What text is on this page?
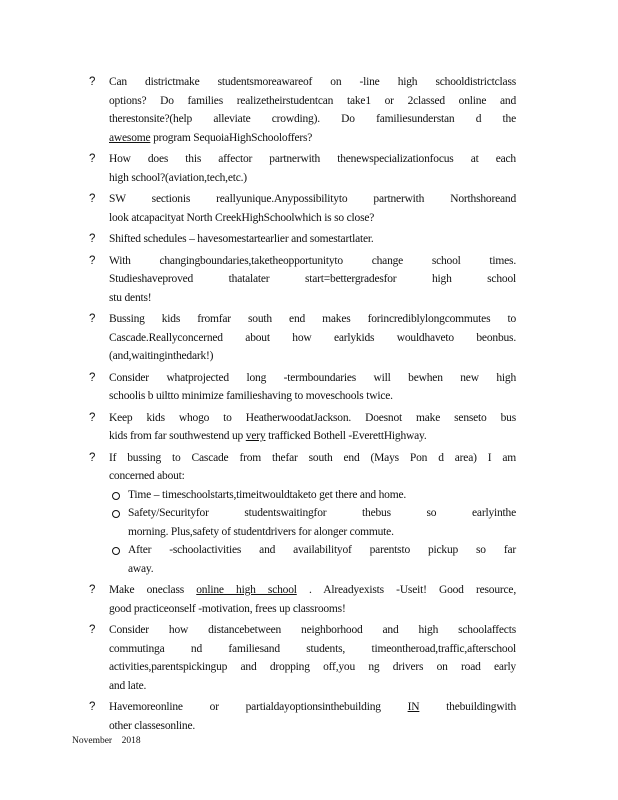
? Can districtmake studentsmoreawareof on -line high schooldistrictclass
options? Do families realizetheirstudentcan take1 or 2classed online and
therestonsite?(help alleviate crowding). Do familiesunderstan d the
awesome program SequoiaHighSchooloffers?
? How does this affector partnerwith thenewspecializationfocus at each
high school?(aviation,tech,etc.)
? SW sectionis reallyunique.Anypossibilityto partnerwith Northshoreand
look atcapacityat North CreekHighSchoolwhich is so close?
? Shifted schedules – havesomestartearlier and somestartlater.
? With changingboundaries,taketheopportunityto change school times.
Studieshaveproved thatalater start=bettergradesfor high school
stu dents!
? Bussing kids fromfar south end makes forincrediblylongcommutes to
Cascade.Reallyconcerned about how earlykids wouldhaveto beonbus.
(and,waitinginthedark!)
? Consider whatprojected long -termboundaries will bewhen new high
schoolis b uiltto minimize familieshaving to moveschools twice.
? Keep kids whogo to HeatherwoodatJackson. Doesnot make senseto bus
kids from far southwestend up very trafficked Bothell -EverettHighway.
? If bussing to Cascade from thefar south end (Mays Pon d area) I am
concerned about:
Time – timeschoolstarts,timeitwouldtaketo get there and home.
Safety/Securityfor studentswaitingfor thebus so earlyinthe
morning. Plus,safety of studentdrivers for alonger commute.
After -schoolactivities and availabilityof parentsto pickup so far
away.
? Make oneclass online high school . Alreadyexists -Useit! Good resource,
good practiceonself -motivation, frees up classrooms!
? Consider how distancebetween neighborhood and high schoolaffects
commutinga nd familiesand students, timeontheroad,traffic,afterschool
activities,parentspickingup and dropping off,you ng drivers on road early
and late.
? Havemoreonline or partialdayoptionsinthebuilding IN thebuildingwith
other classesonline.
November    2018
